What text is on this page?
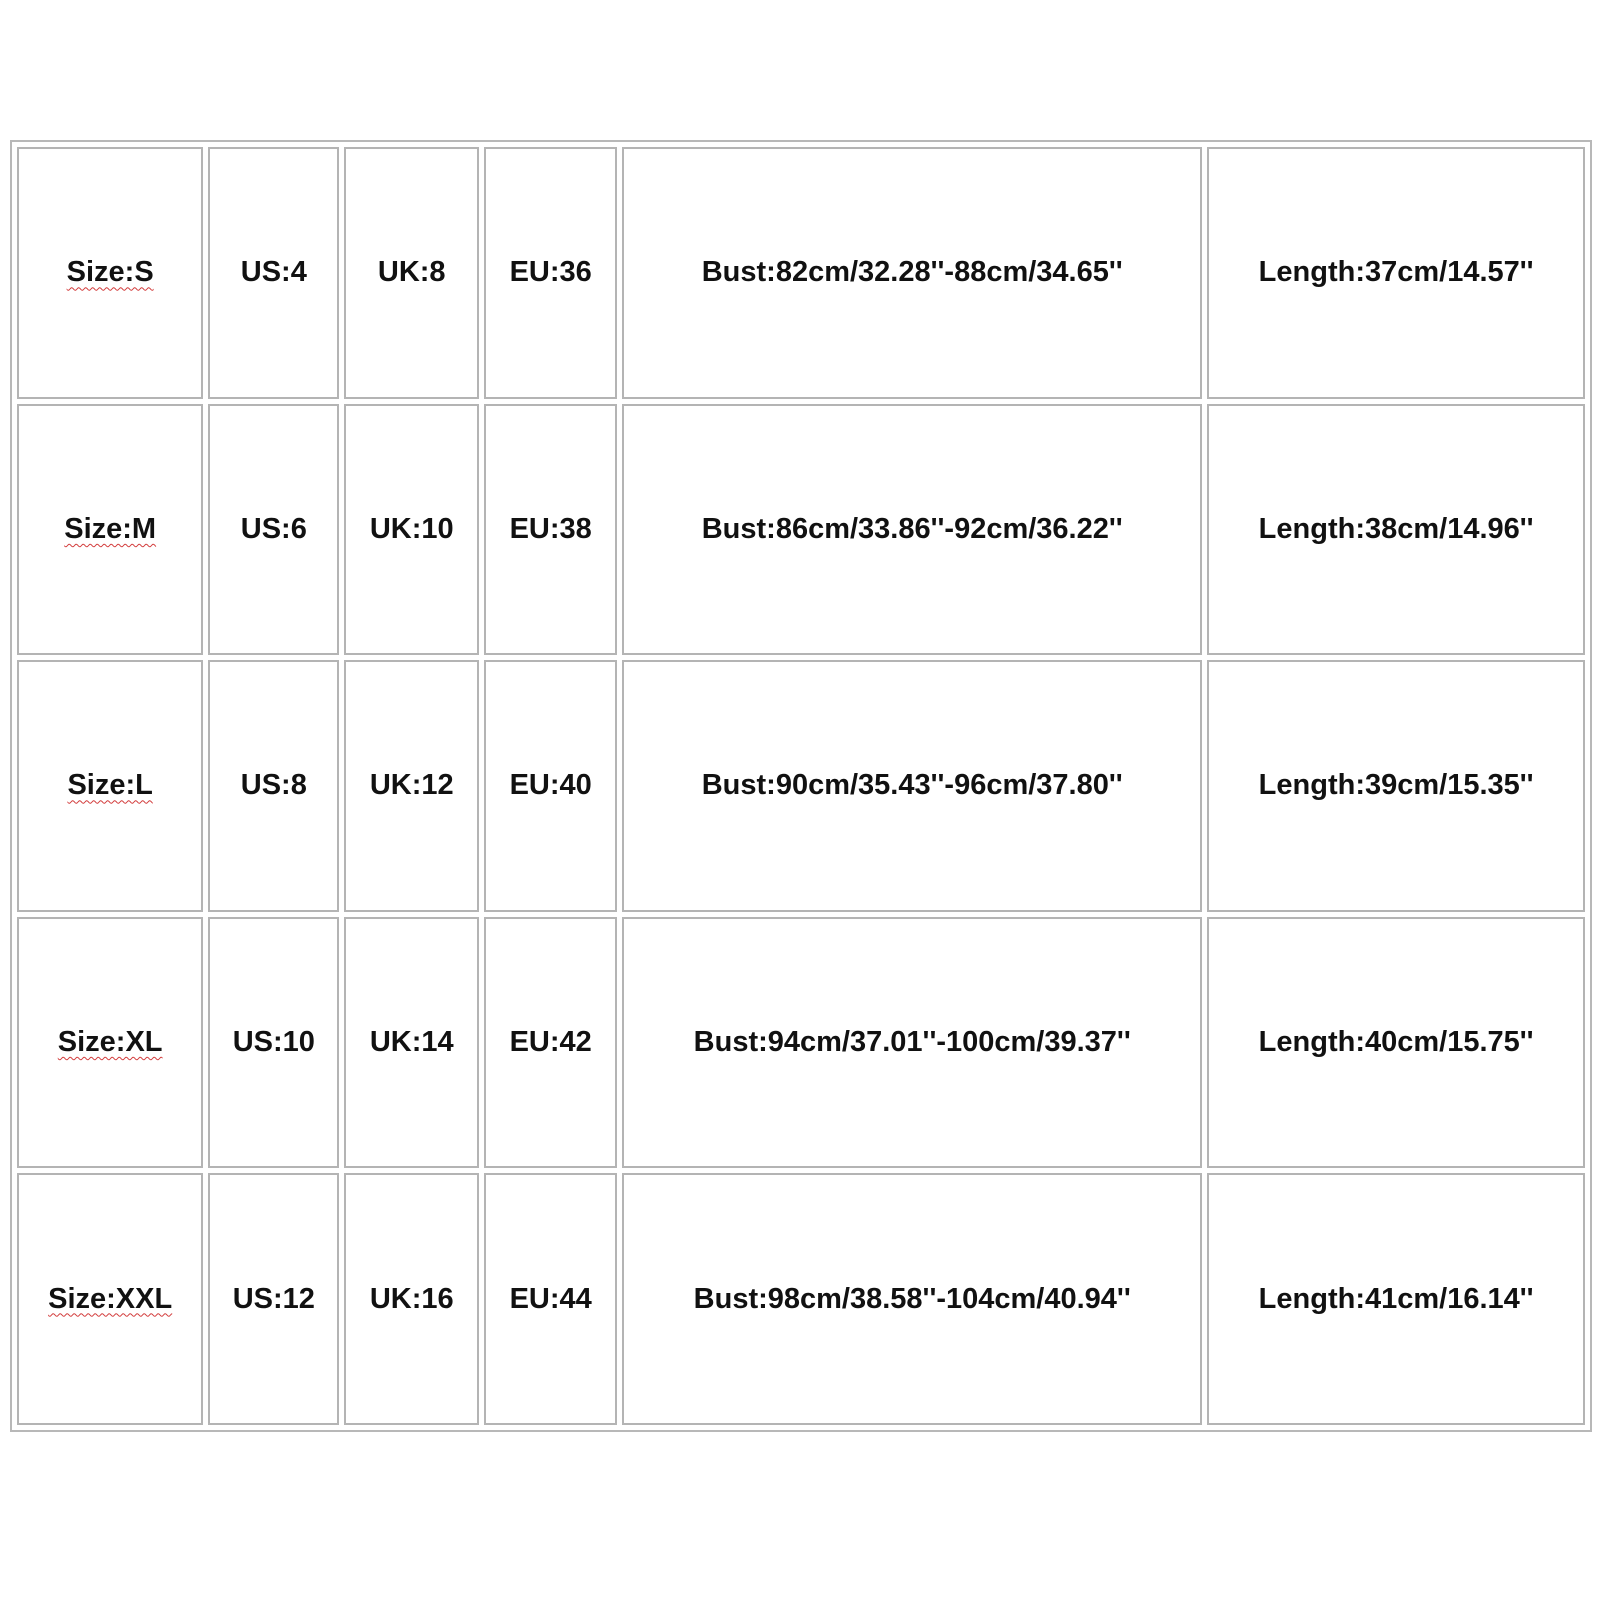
Size:S	US:4	UK:8	EU:36	Bust:82cm/32.28''-88cm/34.65''	Length:37cm/14.57''
Size:M	US:6	UK:10	EU:38	Bust:86cm/33.86''-92cm/36.22''	Length:38cm/14.96''
Size:L	US:8	UK:12	EU:40	Bust:90cm/35.43''-96cm/37.80''	Length:39cm/15.35''
Size:XL	US:10	UK:14	EU:42	Bust:94cm/37.01''-100cm/39.37''	Length:40cm/15.75''
Size:XXL	US:12	UK:16	EU:44	Bust:98cm/38.58''-104cm/40.94''	Length:41cm/16.14''
